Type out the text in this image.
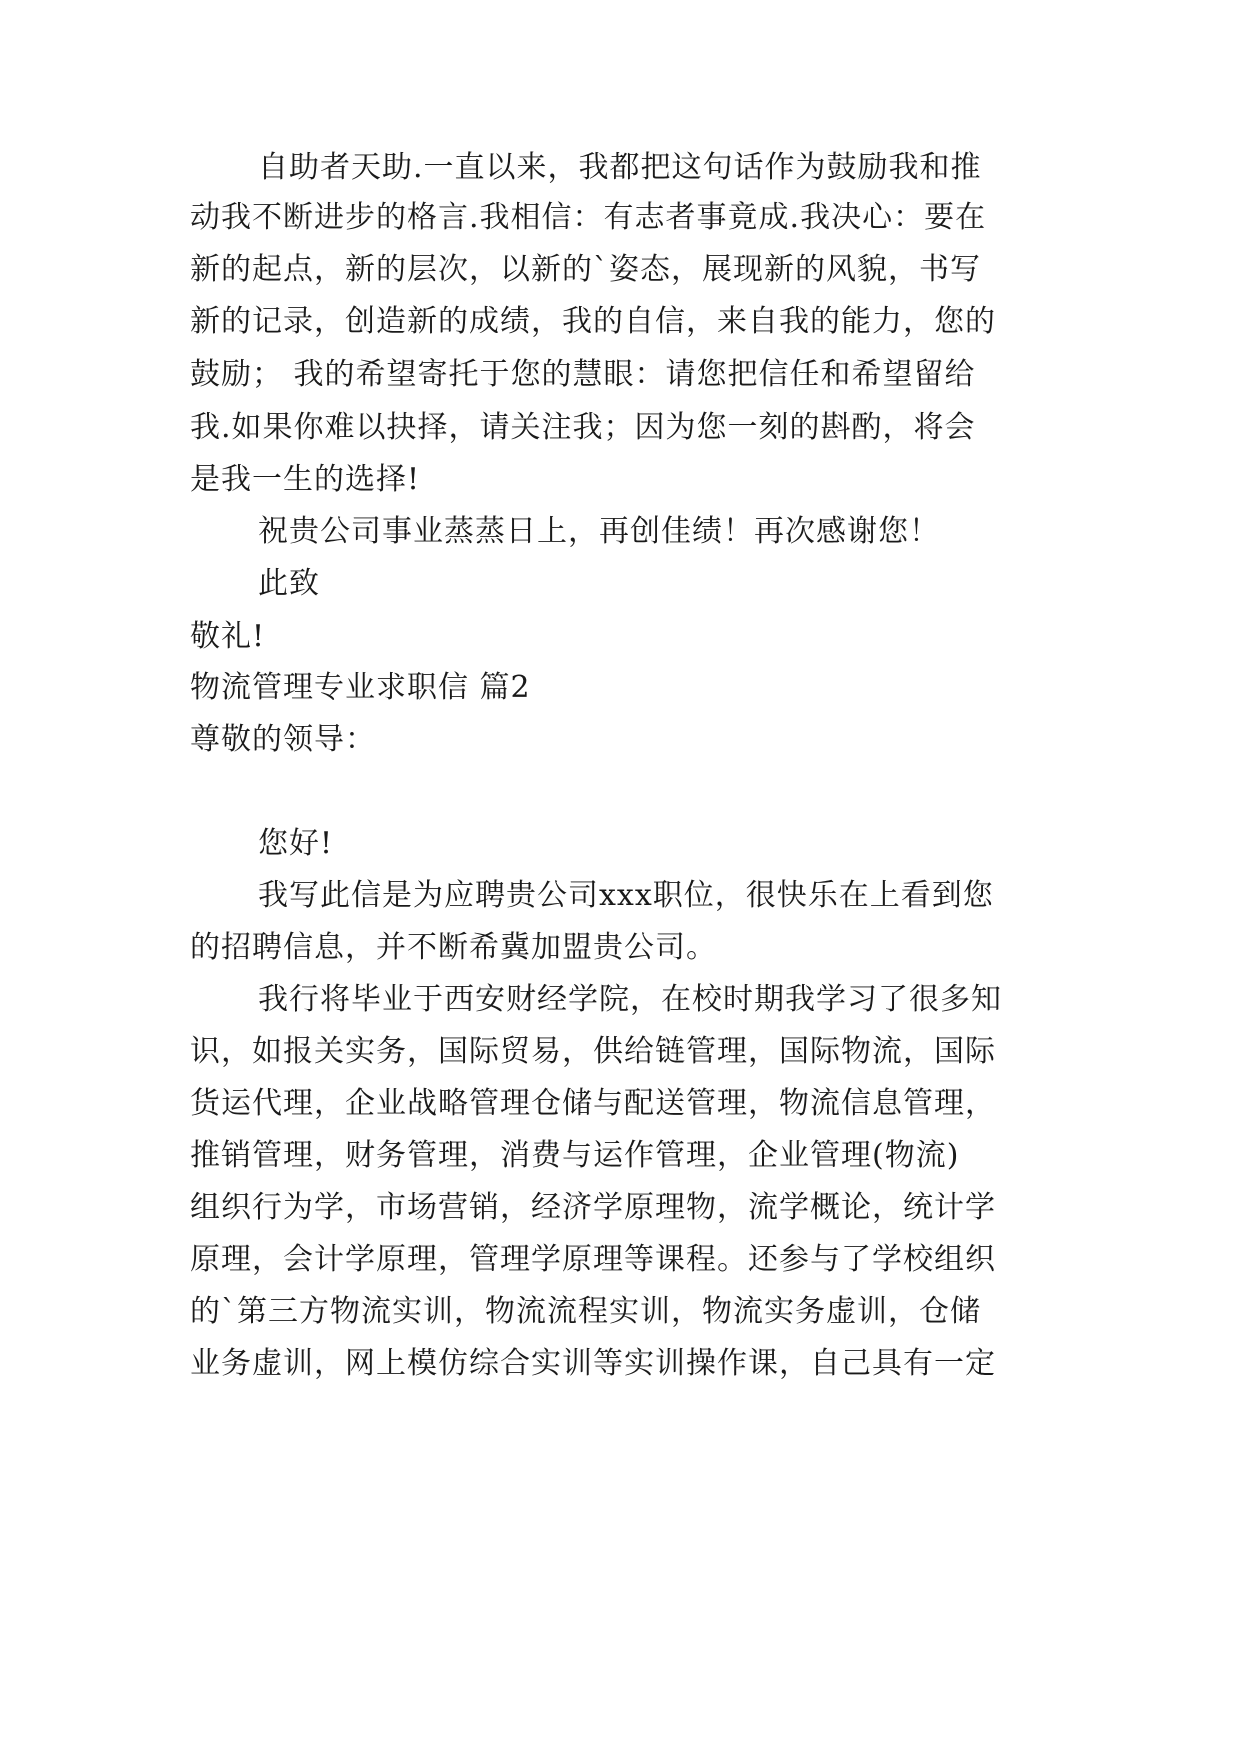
自助者天助.一直以来，我都把这句话作为鼓励我和推
动我不断进步的格言.我相信：有志者事竟成.我决心：要在
新的起点，新的层次，以新的`姿态，展现新的风貌，书写
新的记录，创造新的成绩，我的自信，来自我的能力，您的
鼓励； 我的希望寄托于您的慧眼：请您把信任和希望留给
我.如果你难以抉择，请关注我；因为您一刻的斟酌，将会
是我一生的选择!
祝贵公司事业蒸蒸日上，再创佳绩！再次感谢您！
此致
敬礼!
物流管理专业求职信 篇2
尊敬的领导：
您好!
我写此信是为应聘贵公司xxx职位，很快乐在上看到您
的招聘信息，并不断希冀加盟贵公司。
我行将毕业于西安财经学院，在校时期我学习了很多知
识，如报关实务，国际贸易，供给链管理，国际物流，国际
货运代理，企业战略管理仓储与配送管理，物流信息管理，
推销管理，财务管理，消费与运作管理，企业管理(物流)
组织行为学，市场营销，经济学原理物，流学概论，统计学
原理，会计学原理，管理学原理等课程。还参与了学校组织
的`第三方物流实训，物流流程实训，物流实务虚训，仓储
业务虚训，网上模仿综合实训等实训操作课，自己具有一定
